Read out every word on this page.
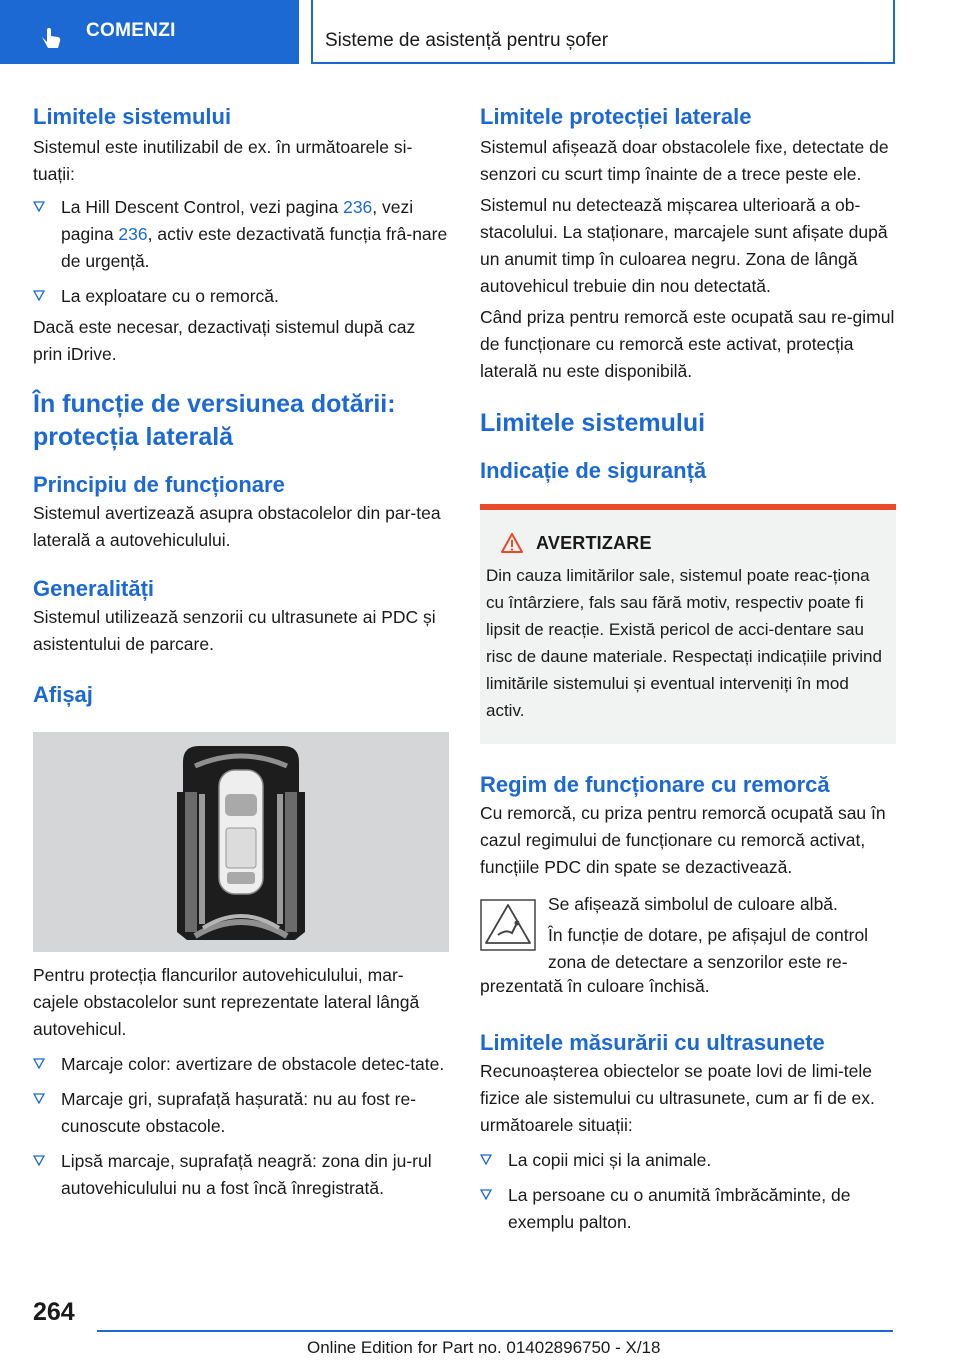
COMENZI	Sisteme de asistență pentru șofer
Limitele sistemului

Sistemul este inutilizabil de ex. în următoarele si-tuații:

La Hill Descent Control, vezi pagina 236, vezi pagina 236, activ este dezactivată funcția frâ-nare de urgență.
La exploatare cu o remorcă.

Dacă este necesar, dezactivați sistemul după caz prin iDrive.

În funcție de versiunea dotării: protecția laterală
Principiu de funcționare

Sistemul avertizează asupra obstacolelor din par-tea laterală a autovehiculului.

Generalități

Sistemul utilizează senzorii cu ultrasunete ai PDC și asistentului de parcare.

Afișaj

Pentru protecția flancurilor autovehiculului, mar-cajele obstacolelor sunt reprezentate lateral lângă autovehicul.

Marcaje color: avertizare de obstacole detec-tate.
Marcaje gri, suprafață hașurată: nu au fost re-cunoscute obstacole.
Lipsă marcaje, suprafață neagră: zona din ju-rul autovehiculului nu a fost încă înregistrată.
Limitele protecției laterale

Sistemul afișează doar obstacolele fixe, detectate de senzori cu scurt timp înainte de a trece peste ele.

Sistemul nu detectează mișcarea ulterioară a ob-stacolului. La staționare, marcajele sunt afișate după un anumit timp în culoarea negru. Zona de lângă autovehicul trebuie din nou detectată.

Când priza pentru remorcă este ocupată sau re-gimul de funcționare cu remorcă este activat, protecția laterală nu este disponibilă.

Limitele sistemului
Indicație de siguranță
AVERTIZARE

Din cauza limitărilor sale, sistemul poate reac-ționa cu întârziere, fals sau fără motiv, respectiv poate fi lipsit de reacție. Există pericol de acci-dentare sau risc de daune materiale. Respectați indicațiile privind limitările sistemului și eventual interveniți în mod activ.

Regim de funcționare cu remorcă

Cu remorcă, cu priza pentru remorcă ocupată sau în cazul regimului de funcționare cu remorcă activat, funcțiile PDC din spate se dezactivează.

Se afișează simbolul de culoare albă.

În funcție de dotare, pe afișajul de control zona de detectare a senzorilor este re-

prezentată în culoare închisă.

Limitele măsurării cu ultrasunete

Recunoașterea obiectelor se poate lovi de limi-tele fizice ale sistemului cu ultrasunete, cum ar fi de ex. următoarele situații:

La copii mici și la animale.
La persoane cu o anumită îmbrăcăminte, de exemplu palton.
264
Online Edition for Part no. 01402896750 - X/18
